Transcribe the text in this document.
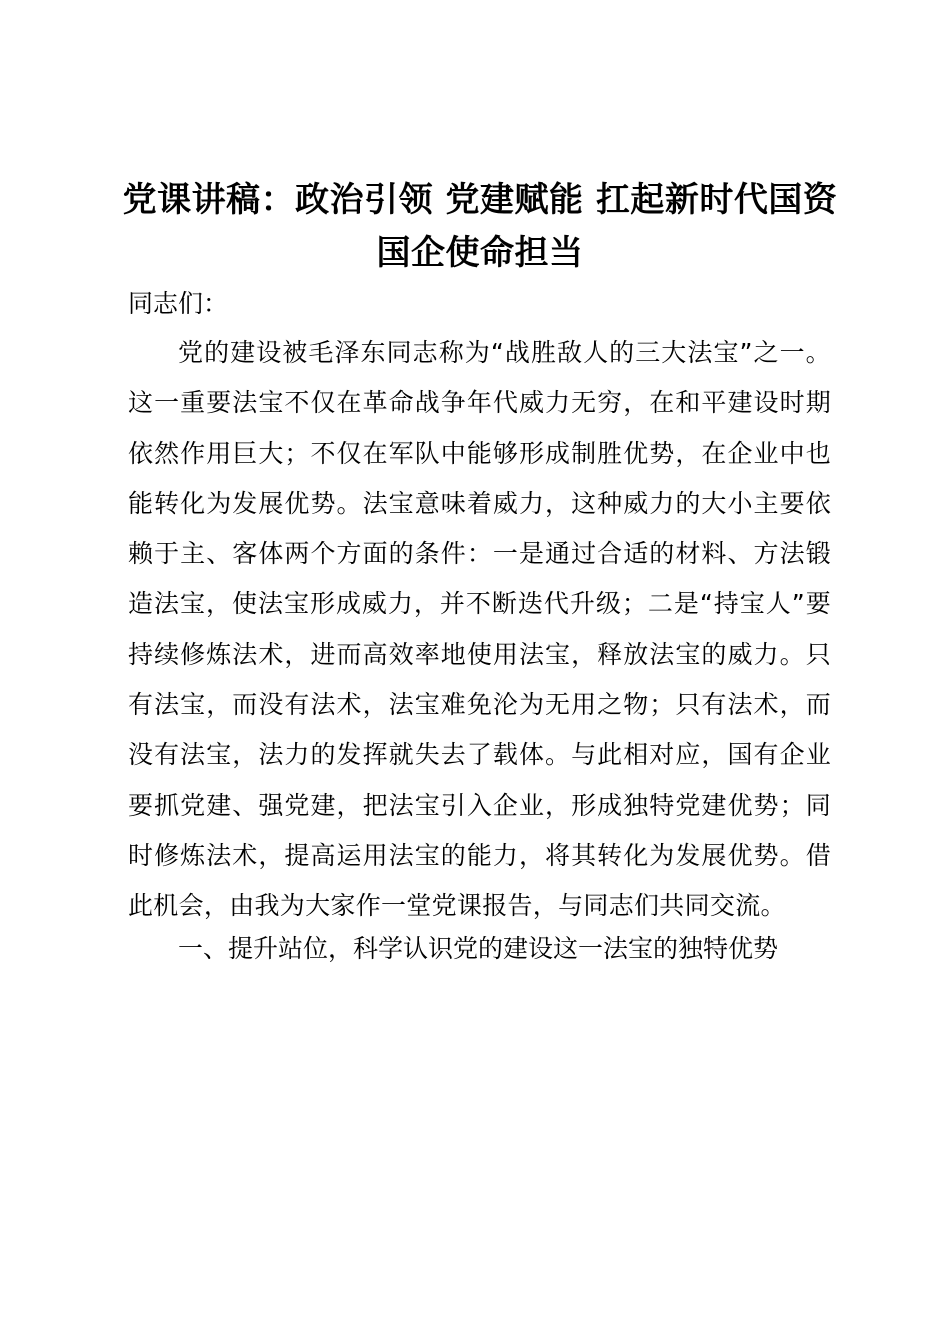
党课讲稿：政治引领 党建赋能 扛起新时代国资国企使命担当

同志们：

党的建设被毛泽东同志称为“战胜敌人的三大法宝”之一。这一重要法宝不仅在革命战争年代威力无穷，在和平建设时期依然作用巨大；不仅在军队中能够形成制胜优势，在企业中也能转化为发展优势。法宝意味着威力，这种威力的大小主要依赖于主、客体两个方面的条件：一是通过合适的材料、方法锻造法宝，使法宝形成威力，并不断迭代升级；二是“持宝人”要持续修炼法术，进而高效率地使用法宝，释放法宝的威力。只有法宝，而没有法术，法宝难免沦为无用之物；只有法术，而没有法宝，法力的发挥就失去了载体。与此相对应，国有企业要抓党建、强党建，把法宝引入企业，形成独特党建优势；同时修炼法术，提高运用法宝的能力，将其转化为发展优势。借此机会，由我为大家作一堂党课报告，与同志们共同交流。

一、提升站位，科学认识党的建设这一法宝的独特优势
